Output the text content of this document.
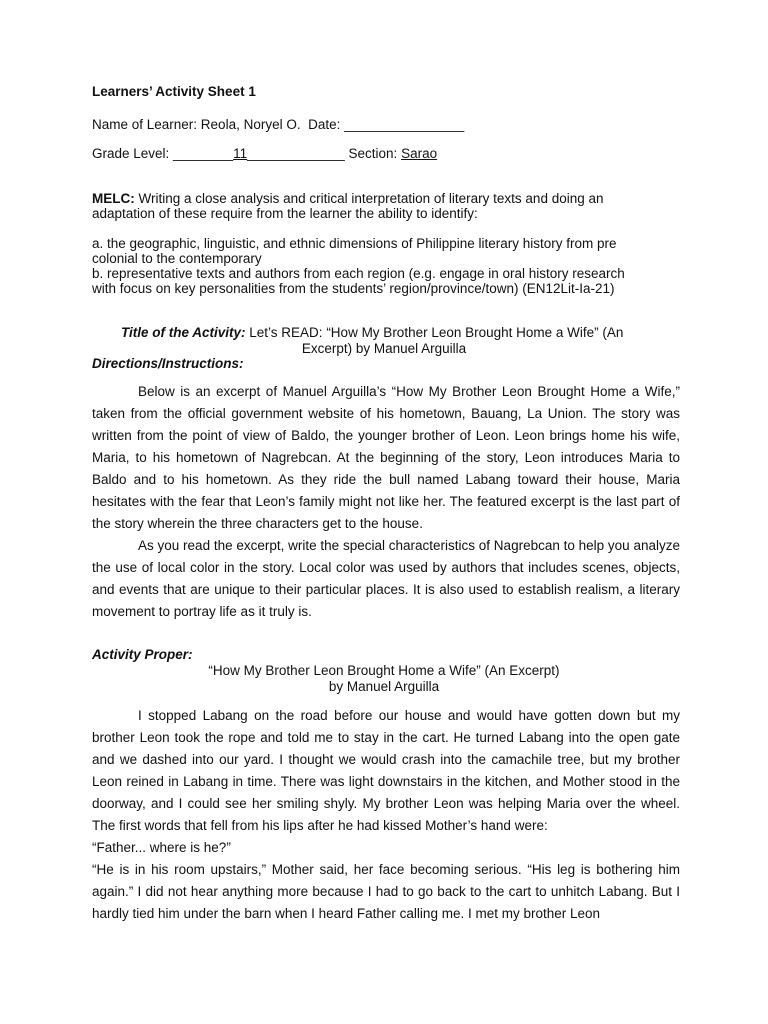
Learners’ Activity Sheet 1
Name of Learner: Reola, Noryel O. Date: ________________
Grade Level: ________11_____________ Section: Sarao
MELC: Writing a close analysis and critical interpretation of literary texts and doing an
adaptation of these require from the learner the ability to identify:
a. the geographic, linguistic, and ethnic dimensions of Philippine literary history from pre
colonial to the contemporary
b. representative texts and authors from each region (e.g. engage in oral history research
with focus on key personalities from the students’ region/province/town) (EN12Lit-Ia-21)
Title of the Activity: Let’s READ: “How My Brother Leon Brought Home a Wife” (An
Excerpt) by Manuel Arguilla
Directions/Instructions:

Below is an excerpt of Manuel Arguilla’s “How My Brother Leon Brought Home a Wife,” taken from the official government website of his hometown, Bauang, La Union. The story was written from the point of view of Baldo, the younger brother of Leon. Leon brings home his wife, Maria, to his hometown of Nagrebcan. At the beginning of the story, Leon introduces Maria to Baldo and to his hometown. As they ride the bull named Labang toward their house, Maria hesitates with the fear that Leon’s family might not like her. The featured excerpt is the last part of the story wherein the three characters get to the house.

As you read the excerpt, write the special characteristics of Nagrebcan to help you analyze the use of local color in the story. Local color was used by authors that includes scenes, objects, and events that are unique to their particular places. It is also used to establish realism, a literary movement to portray life as it truly is.

Activity Proper:
“How My Brother Leon Brought Home a Wife” (An Excerpt)
by Manuel Arguilla

I stopped Labang on the road before our house and would have gotten down but my brother Leon took the rope and told me to stay in the cart. He turned Labang into the open gate and we dashed into our yard. I thought we would crash into the camachile tree, but my brother Leon reined in Labang in time. There was light downstairs in the kitchen, and Mother stood in the doorway, and I could see her smiling shyly. My brother Leon was helping Maria over the wheel. The first words that fell from his lips after he had kissed Mother’s hand were:

“Father... where is he?”

“He is in his room upstairs,” Mother said, her face becoming serious. “His leg is bothering him again.” I did not hear anything more because I had to go back to the cart to unhitch Labang. But I hardly tied him under the barn when I heard Father calling me. I met my brother Leon
